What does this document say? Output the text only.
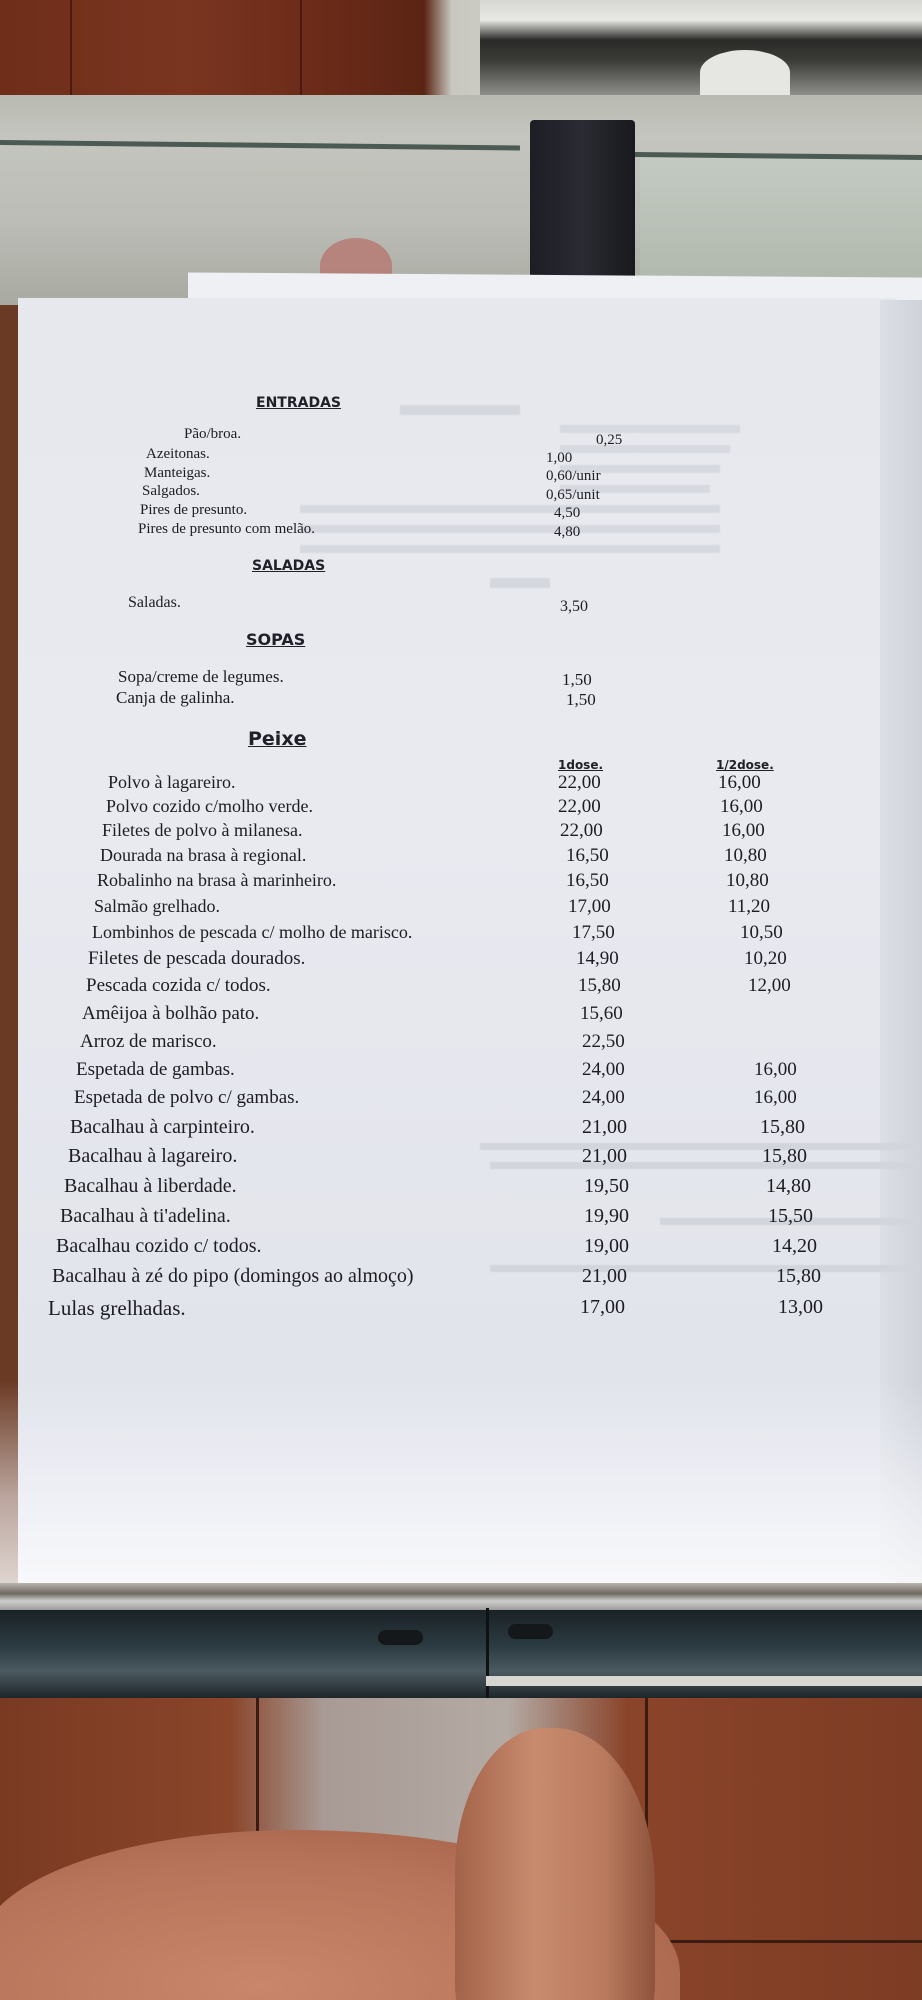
ENTRADAS
Pão/broa.	0,25
Azeitonas.	1,00
Manteigas.	0,60/unir
Salgados.	0,65/unit
Pires de presunto.	4,50
Pires de presunto com melão.	4,80
SALADAS
Saladas.	3,50
SOPAS
Sopa/creme de legumes.	1,50
Canja de galinha.	1,50
Peixe
1dose.	1/2dose.
Polvo à lagareiro.	22,00	16,00
Polvo cozido c/molho verde.	22,00	16,00
Filetes de polvo à milanesa.	22,00	16,00
Dourada na brasa à regional.	16,50	10,80
Robalinho na brasa à marinheiro.	16,50	10,80
Salmão grelhado.	17,00	11,20
Lombinhos de pescada c/ molho de marisco.	17,50	10,50
Filetes de pescada dourados.	14,90	10,20
Pescada cozida c/ todos.	15,80	12,00
Amêijoa à bolhão pato.	15,60
Arroz de marisco.	22,50
Espetada de gambas.	24,00	16,00
Espetada de polvo c/ gambas.	24,00	16,00
Bacalhau à carpinteiro.	21,00	15,80
Bacalhau à lagareiro.	21,00	15,80
Bacalhau à liberdade.	19,50	14,80
Bacalhau à ti'adelina.	19,90	15,50
Bacalhau cozido c/ todos.	19,00	14,20
Bacalhau à zé do pipo (domingos ao almoço)	21,00	15,80
Lulas grelhadas.	17,00	13,00
